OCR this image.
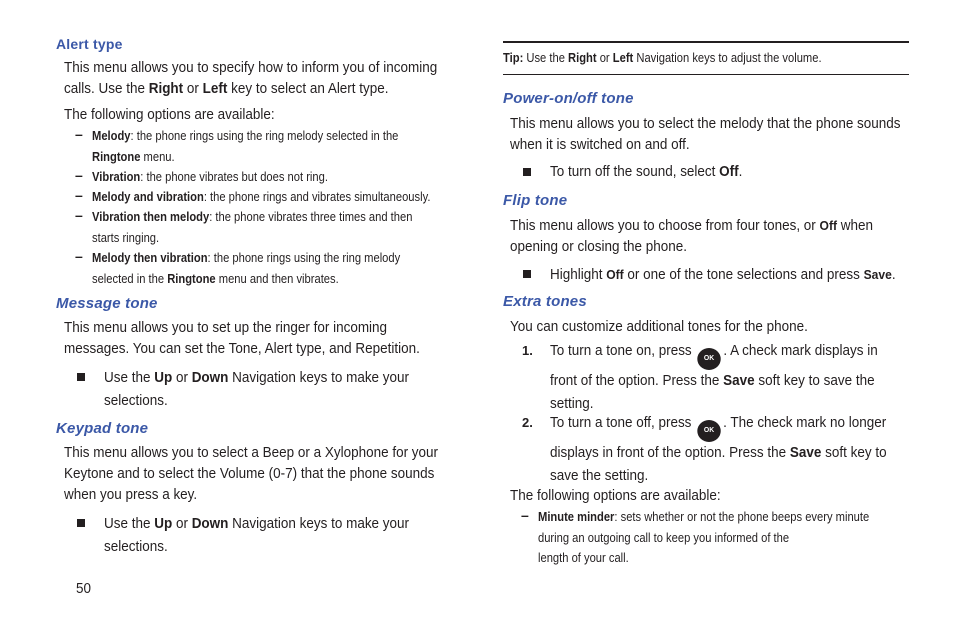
Alert type
This menu allows you to specify how to inform you of incoming
calls. Use the Right or Left key to select an Alert type.
The following options are available:
– Melody: the phone rings using the ring melody selected in the
Ringtone menu.
– Vibration: the phone vibrates but does not ring.
– Melody and vibration: the phone rings and vibrates simultaneously.
– Vibration then melody: the phone vibrates three times and then
starts ringing.
– Melody then vibration: the phone rings using the ring melody
selected in the Ringtone menu and then vibrates.
Message tone
This menu allows you to set up the ringer for incoming
messages. You can set the Tone, Alert type, and Repetition.
Use the Up or Down Navigation keys to make your
selections.
Keypad tone
This menu allows you to select a Beep or a Xylophone for your
Keytone and to select the Volume (0-7) that the phone sounds
when you press a key.
Use the Up or Down Navigation keys to make your
selections.
50
Tip: Use the Right or Left Navigation keys to adjust the volume.
Power-on/off tone
This menu allows you to select the melody that the phone sounds
when it is switched on and off.
To turn off the sound, select Off.
Flip tone
This menu allows you to choose from four tones, or Off when
opening or closing the phone.
Highlight Off or one of the tone selections and press Save.
Extra tones
You can customize additional tones for the phone.
1. To turn a tone on, press OK . A check mark displays in
front of the option. Press the Save soft key to save the
setting.
2. To turn a tone off, press OK . The check mark no longer
displays in front of the option. Press the Save soft key to
save the setting.
The following options are available:
– Minute minder: sets whether or not the phone beeps every minute
during an outgoing call to keep you informed of the
length of your call.
